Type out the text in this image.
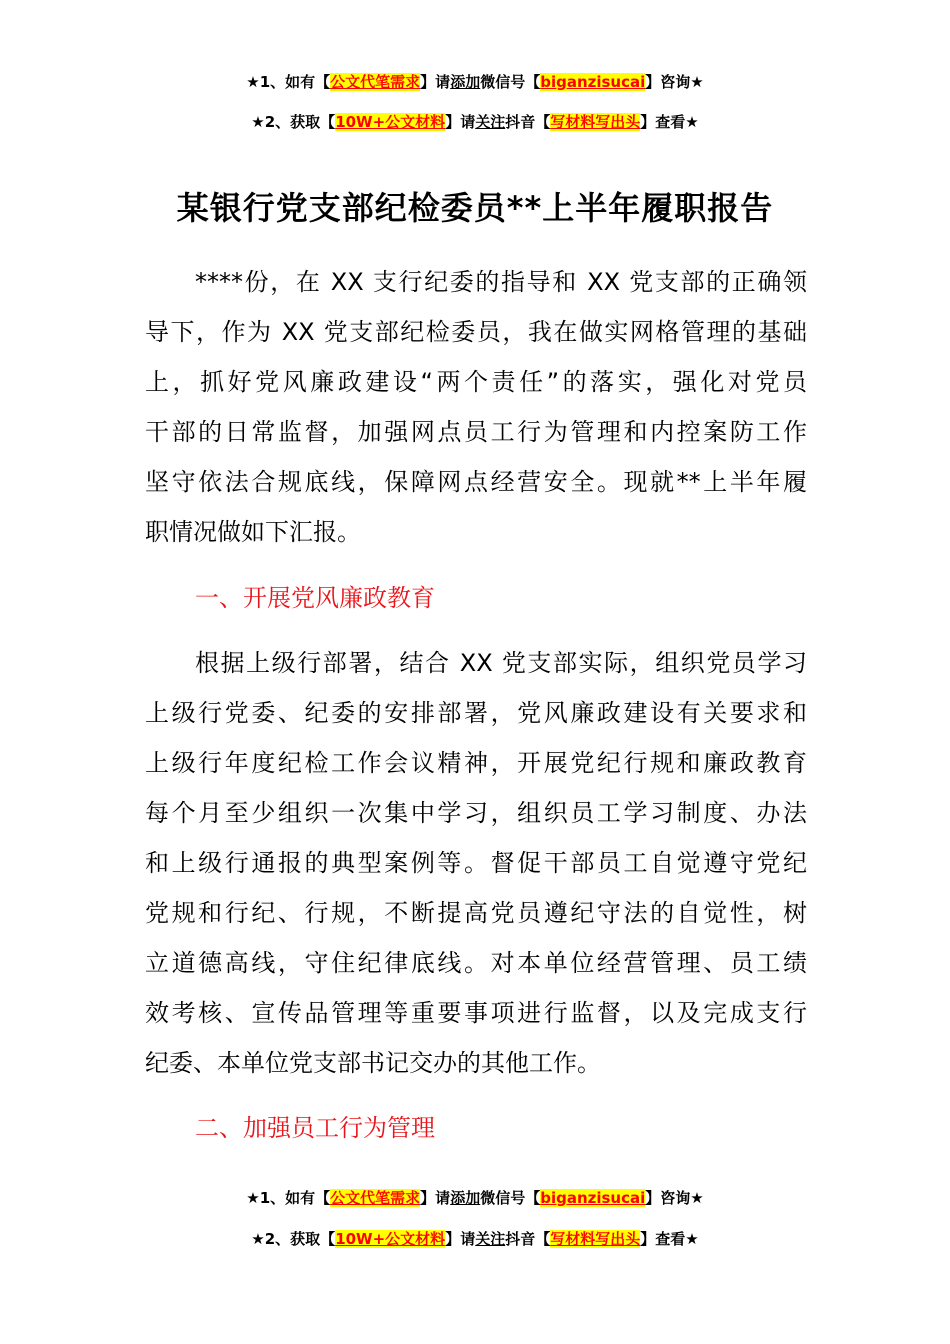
★1、如有【公文代笔需求】请添加微信号【biganzisucai】咨询★
★2、获取【10W+公文材料】请关注抖音【写材料写出头】查看★
某银行党支部纪检委员**上半年履职报告
****份，在 XX 支行纪委的指导和 XX 党支部的正确领
导下，作为 XX 党支部纪检委员，我在做实网格管理的基础
上，抓好党风廉政建设“两个责任”的落实，强化对党员
干部的日常监督，加强网点员工行为管理和内控案防工作
坚守依法合规底线，保障网点经营安全。现就**上半年履
职情况做如下汇报。
一、开展党风廉政教育
根据上级行部署，结合 XX 党支部实际，组织党员学习
上级行党委、纪委的安排部署，党风廉政建设有关要求和
上级行年度纪检工作会议精神，开展党纪行规和廉政教育
每个月至少组织一次集中学习，组织员工学习制度、办法
和上级行通报的典型案例等。督促干部员工自觉遵守党纪
党规和行纪、行规，不断提高党员遵纪守法的自觉性，树
立道德高线，守住纪律底线。对本单位经营管理、员工绩
效考核、宣传品管理等重要事项进行监督，以及完成支行
纪委、本单位党支部书记交办的其他工作。
二、加强员工行为管理
★1、如有【公文代笔需求】请添加微信号【biganzisucai】咨询★
★2、获取【10W+公文材料】请关注抖音【写材料写出头】查看★
